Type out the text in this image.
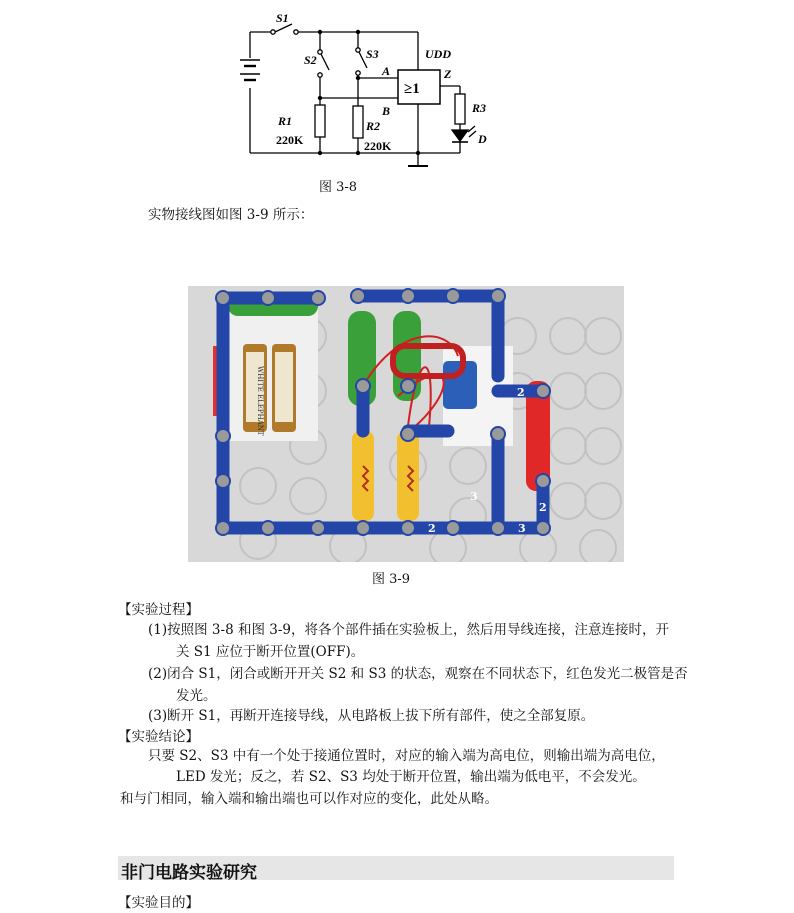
S1
S2	S3	UDD
A
B
Z
R1	R2
R3
D
220K	220K
≥1
图 3-8
实物接线图如图 3-9 所示：
WHITE ELEPHANT	2
3
2
2
3
图 3-9
【实验过程】
(1)按照图 3-8 和图 3-9，将各个部件插在实验板上，然后用导线连接，注意连接时，开
关 S1 应位于断开位置(OFF)。
(2)闭合 S1，闭合或断开开关 S2 和 S3 的状态，观察在不同状态下，红色发光二极管是否
发光。
(3)断开 S1，再断开连接导线，从电路板上拔下所有部件，使之全部复原。
【实验结论】
只要 S2、S3 中有一个处于接通位置时，对应的输入端为高电位，则输出端为高电位，
LED 发光；反之，若 S2、S3 均处于断开位置，输出端为低电平，不会发光。
和与门相同，输入端和输出端也可以作对应的变化，此处从略。
非门电路实验研究
【实验目的】
